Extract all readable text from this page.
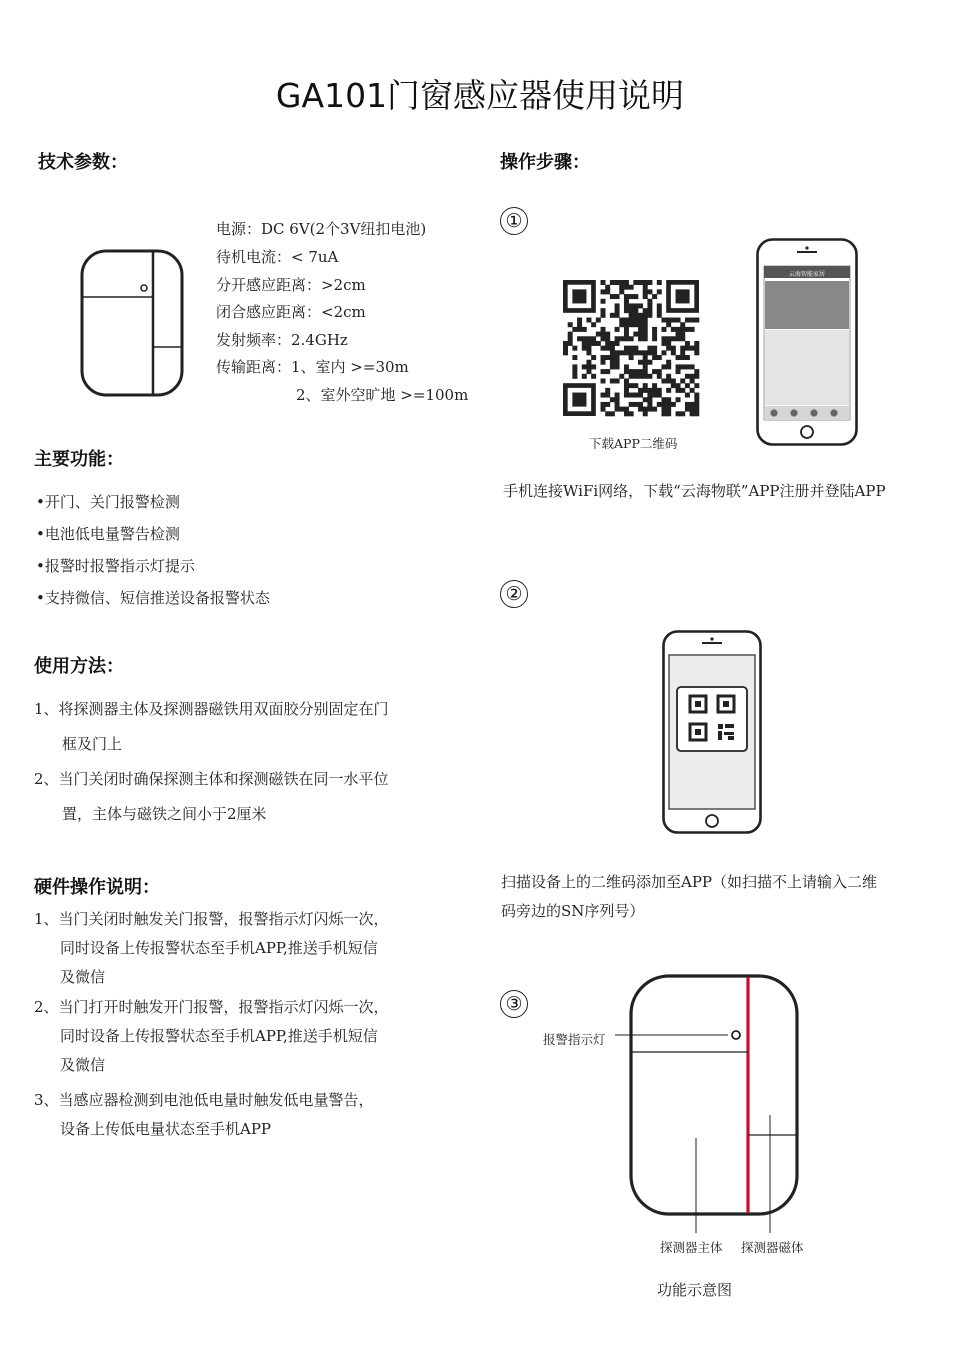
GA101门窗感应器使用说明
技术参数：
电源：DC 6V(2个3V纽扣电池)
待机电流：< 7uA
分开感应距离：>2cm
闭合感应距离：<2cm
发射频率：2.4GHz
传输距离：1、室内 >=30m
2、室外空旷地 >=100m
主要功能：
•开门、关门报警检测
•电池低电量警告检测
•报警时报警指示灯提示
•支持微信、短信推送设备报警状态
使用方法：
1、将探测器主体及探测器磁铁用双面胶分别固定在门
框及门上
2、当门关闭时确保探测主体和探测磁铁在同一水平位
置，主体与磁铁之间小于2厘米
硬件操作说明：
1、当门关闭时触发关门报警，报警指示灯闪烁一次，
同时设备上传报警状态至手机APP,推送手机短信
及微信
2、当门打开时触发开门报警，报警指示灯闪烁一次，
同时设备上传报警状态至手机APP,推送手机短信
及微信
3、当感应器检测到电池低电量时触发低电量警告，
设备上传低电量状态至手机APP
操作步骤：
①
下载APP二维码
云海智能家居
手机连接WiFi网络，下载“云海物联”APP注册并登陆APP
②
扫描设备上的二维码添加至APP（如扫描不上请输入二维
码旁边的SN序列号）
③
报警指示灯
探测器主体 探测器磁体
功能示意图
